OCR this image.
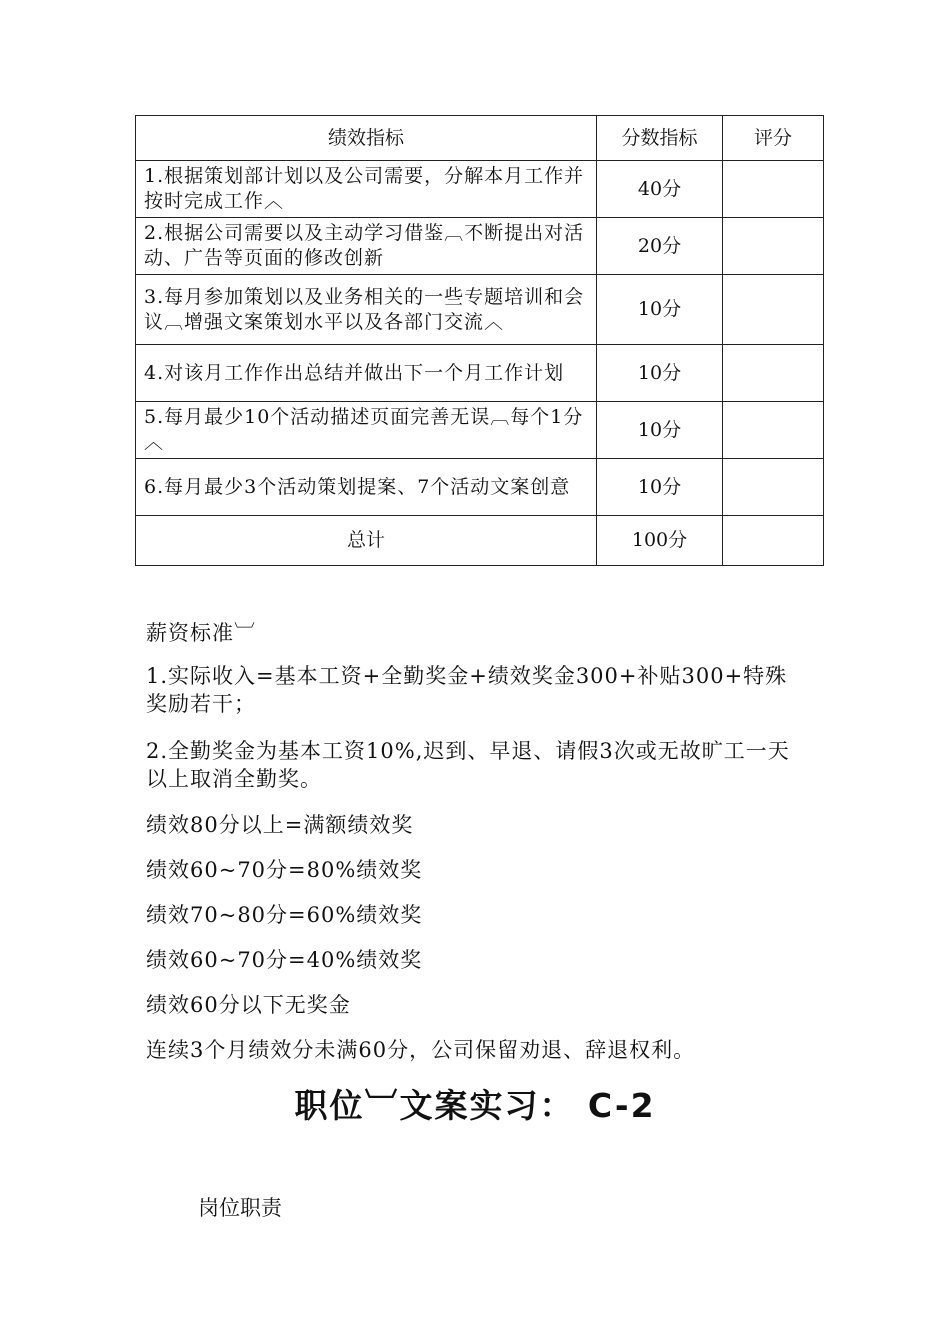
绩效指标	分数指标	评分
1.根据策划部计划以及公司需要，分解本月工作并按时完成工作︿	40分	
2.根据公司需要以及主动学习借鉴︹不断提出对活动、广告等页面的修改创新	20分	
3.每月参加策划以及业务相关的一些专题培训和会议︹增强文案策划水平以及各部门交流︿	10分	
4.对该月工作作出总结并做出下一个月工作计划	10分	
5.每月最少10个活动描述页面完善无误︹每个1分︿	10分	
6.每月最少3个活动策划提案、7个活动文案创意	10分	
总计	100分	
薪资标准︺
1.实际收入=基本工资+全勤奖金+绩效奖金300+补贴300+特殊奖励若干；
2.全勤奖金为基本工资10%,迟到、早退、请假3次或无故旷工一天以上取消全勤奖。
绩效80分以上=满额绩效奖
绩效60~70分=80%绩效奖
绩效70~80分=60%绩效奖
绩效60~70分=40%绩效奖
绩效60分以下无奖金
连续3个月绩效分未满60分，公司保留劝退、辞退权利。
职位︺文案实习： C-2
岗位职责
